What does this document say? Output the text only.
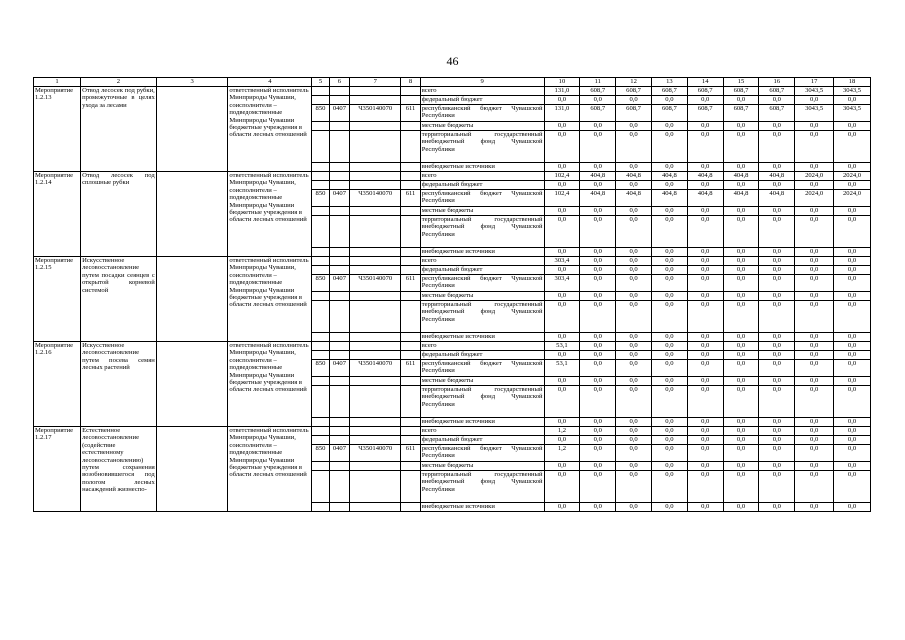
46
1	2	3	4	5	6	7	8	9	10	11	12	13	14	15	16	17	18
Мероприятие 1.2.13	Отвод лесосек под рубки, промежуточные в целях ухода за лесами		ответственный исполнитель Минприроды Чувашии, соисполнители – подведомственные Минприроды Чувашии бюджетные учреждения в области лесных отношений					всего	131,0	608,7	608,7	608,7	608,7	608,7	608,7	3043,5	3043,5
								федеральный бюджет	0,0	0,0	0,0	0,0	0,0	0,0	0,0	0,0	0,0
				850	0407	Ч350140070	611	республиканский бюджет Чувашской Республики	131,0	608,7	608,7	608,7	608,7	608,7	608,7	3043,5	3043,5
								местные бюджеты	0,0	0,0	0,0	0,0	0,0	0,0	0,0	0,0	0,0
								территориальный государственный внебюджетный фонд Чувашской Республики	0,0	0,0	0,0	0,0	0,0	0,0	0,0	0,0	0,0
								внебюджетные источники	0,0	0,0	0,0	0,0	0,0	0,0	0,0	0,0	0,0
Мероприятие 1.2.14	Отвод лесосек под сплошные рубки		ответственный исполнитель Минприроды Чувашии, соисполнители – подведомственные Минприроды Чувашии бюджетные учреждения в области лесных отношений					всего	102,4	404,8	404,8	404,8	404,8	404,8	404,8	2024,0	2024,0
								федеральный бюджет	0,0	0,0	0,0	0,0	0,0	0,0	0,0	0,0	0,0
				850	0407	Ч350140070	611	республиканский бюджет Чувашской Республики	102,4	404,8	404,8	404,8	404,8	404,8	404,8	2024,0	2024,0
								местные бюджеты	0,0	0,0	0,0	0,0	0,0	0,0	0,0	0,0	0,0
								территориальный государственный внебюджетный фонд Чувашской Республики	0,0	0,0	0,0	0,0	0,0	0,0	0,0	0,0	0,0
								внебюджетные источники	0,0	0,0	0,0	0,0	0,0	0,0	0,0	0,0	0,0
Мероприятие 1.2.15	Искусственное лесовосстановление путем посадки сеянцев с открытой корневой системой		ответственный исполнитель Минприроды Чувашии, соисполнители – подведомственные Минприроды Чувашии бюджетные учреждения в области лесных отношений					всего	303,4	0,0	0,0	0,0	0,0	0,0	0,0	0,0	0,0
								федеральный бюджет	0,0	0,0	0,0	0,0	0,0	0,0	0,0	0,0	0,0
				850	0407	Ч350140070	611	республиканский бюджет Чувашской Республики	303,4	0,0	0,0	0,0	0,0	0,0	0,0	0,0	0,0
								местные бюджеты	0,0	0,0	0,0	0,0	0,0	0,0	0,0	0,0	0,0
								территориальный государственный внебюджетный фонд Чувашской Республики	0,0	0,0	0,0	0,0	0,0	0,0	0,0	0,0	0,0
								внебюджетные источники	0,0	0,0	0,0	0,0	0,0	0,0	0,0	0,0	0,0
Мероприятие 1.2.16	Искусственное лесовосстановление путем посева семян лесных растений		ответственный исполнитель Минприроды Чувашии, соисполнители – подведомственные Минприроды Чувашии бюджетные учреждения в области лесных отношений					всего	53,1	0,0	0,0	0,0	0,0	0,0	0,0	0,0	0,0
								федеральный бюджет	0,0	0,0	0,0	0,0	0,0	0,0	0,0	0,0	0,0
				850	0407	Ч350140070	611	республиканский бюджет Чувашской Республики	53,1	0,0	0,0	0,0	0,0	0,0	0,0	0,0	0,0
								местные бюджеты	0,0	0,0	0,0	0,0	0,0	0,0	0,0	0,0	0,0
								территориальный государственный внебюджетный фонд Чувашской Республики	0,0	0,0	0,0	0,0	0,0	0,0	0,0	0,0	0,0
								внебюджетные источники	0,0	0,0	0,0	0,0	0,0	0,0	0,0	0,0	0,0
Мероприятие 1.2.17	Естественное лесовосстановление (содействие естественному лесовосстановлению) путем сохранения возобновившегося под пологом лесных насаждений жизнеспо-		ответственный исполнитель Минприроды Чувашии, соисполнители – подведомственные Минприроды Чувашии бюджетные учреждения в области лесных отношений					всего	1,2	0,0	0,0	0,0	0,0	0,0	0,0	0,0	0,0
								федеральный бюджет	0,0	0,0	0,0	0,0	0,0	0,0	0,0	0,0	0,0
				850	0407	Ч350140070	611	республиканский бюджет Чувашской Республики	1,2	0,0	0,0	0,0	0,0	0,0	0,0	0,0	0,0
								местные бюджеты	0,0	0,0	0,0	0,0	0,0	0,0	0,0	0,0	0,0
								территориальный государственный внебюджетный фонд Чувашской Республики	0,0	0,0	0,0	0,0	0,0	0,0	0,0	0,0	0,0
								внебюджетные источники	0,0	0,0	0,0	0,0	0,0	0,0	0,0	0,0	0,0
